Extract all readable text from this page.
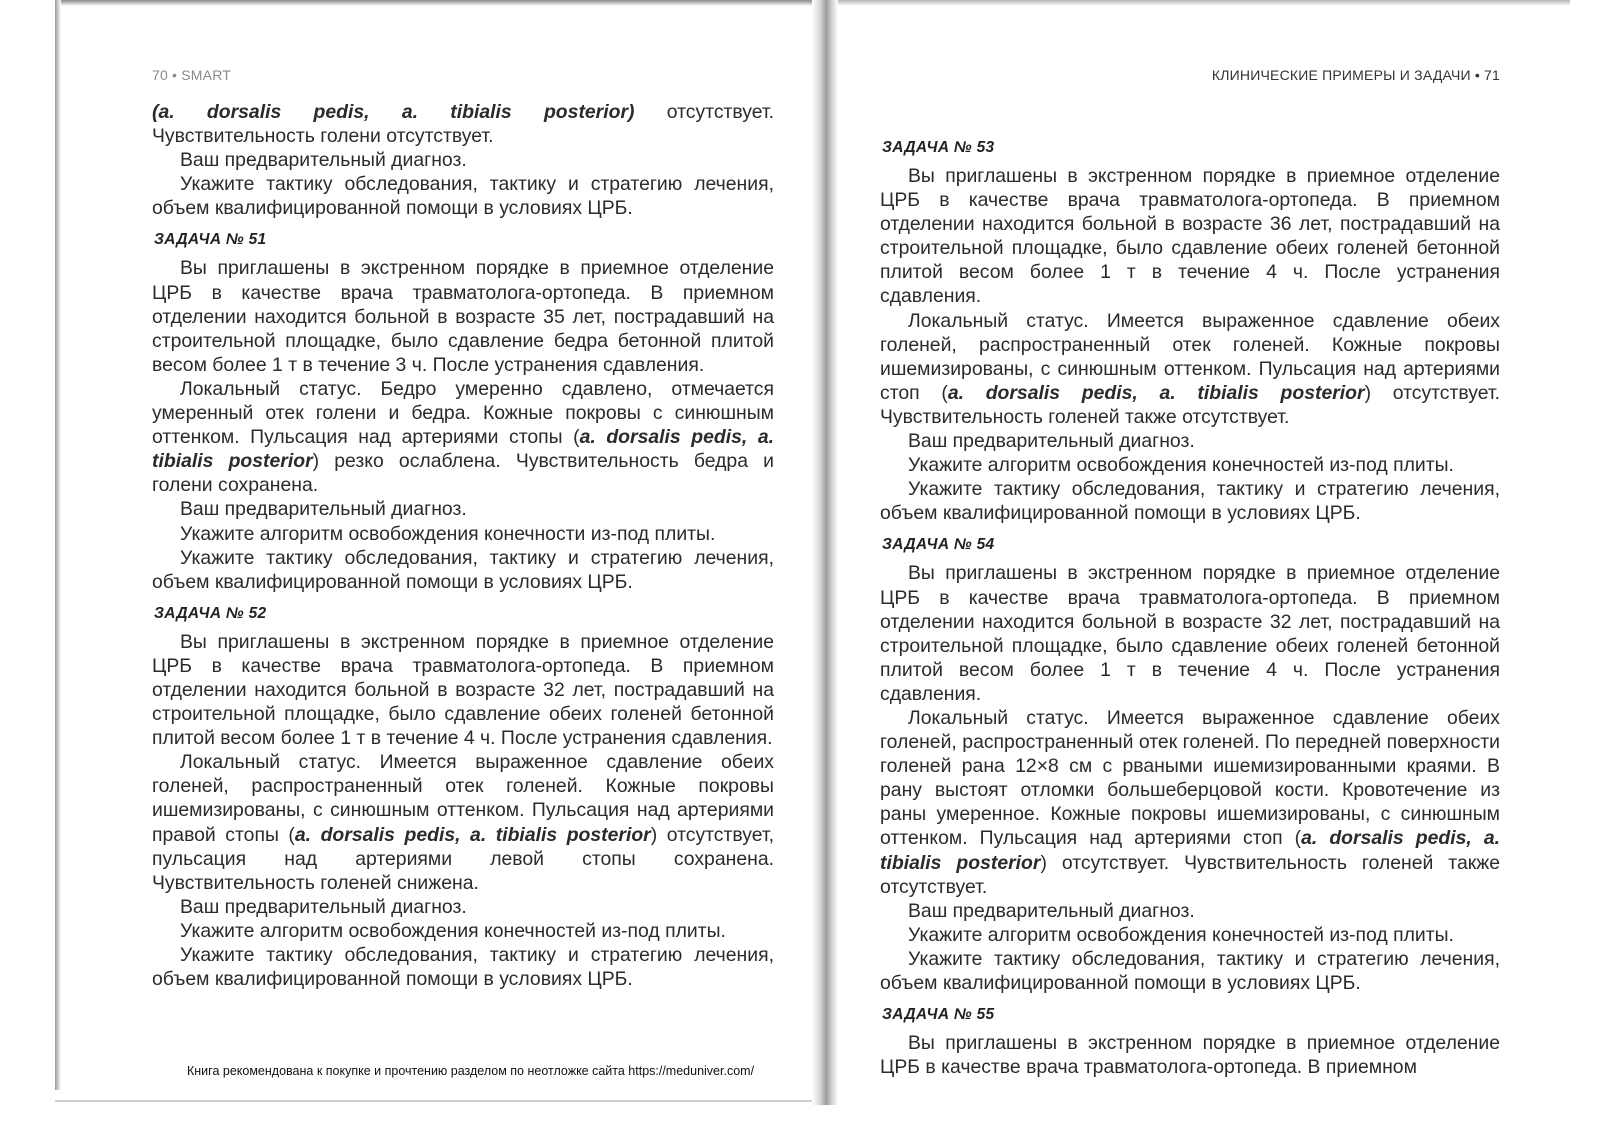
70 • SMART

(a. dorsalis pedis, a. tibialis posterior) отсутствует. Чувствительность голени отсутствует.

Ваш предварительный диагноз.

Укажите тактику обследования, тактику и стратегию лечения, объем квалифицированной помощи в условиях ЦРБ.

ЗАДАЧА № 51

Вы приглашены в экстренном порядке в приемное отделение ЦРБ в качестве врача травматолога-ортопеда. В приемном отделении находится больной в возрасте 35 лет, пострадавший на строительной площадке, было сдавление бедра бетонной плитой весом более 1 т в течение 3 ч. После устранения сдавления.

Локальный статус. Бедро умеренно сдавлено, отмечается умеренный отек голени и бедра. Кожные покровы с синюшным оттенком. Пульсация над артериями стопы (a. dorsalis pedis, a. tibialis posterior) резко ослаблена. Чувствительность бедра и голени сохранена.

Ваш предварительный диагноз.

Укажите алгоритм освобождения конечности из-под плиты.

Укажите тактику обследования, тактику и стратегию лечения, объем квалифицированной помощи в условиях ЦРБ.

ЗАДАЧА № 52

Вы приглашены в экстренном порядке в приемное отделение ЦРБ в качестве врача травматолога-ортопеда. В приемном отделении находится больной в возрасте 32 лет, пострадавший на строительной площадке, было сдавление обеих голеней бетонной плитой весом более 1 т в течение 4 ч. После устранения сдавления.

Локальный статус. Имеется выраженное сдавление обеих голеней, распространенный отек голеней. Кожные покровы ишемизированы, с синюшным оттенком. Пульсация над артериями правой стопы (a. dorsalis pedis, a. tibialis posterior) отсутствует, пульсация над артериями левой стопы сохранена. Чувствительность голеней снижена.

Ваш предварительный диагноз.

Укажите алгоритм освобождения конечностей из-под плиты.

Укажите тактику обследования, тактику и стратегию лечения, объем квалифицированной помощи в условиях ЦРБ.

КЛИНИЧЕСКИЕ ПРИМЕРЫ И ЗАДАЧИ • 71
ЗАДАЧА № 53

Вы приглашены в экстренном порядке в приемное отделение ЦРБ в качестве врача травматолога-ортопеда. В приемном отделении находится больной в возрасте 36 лет, пострадавший на строительной площадке, было сдавление обеих голеней бетонной плитой весом более 1 т в течение 4 ч. После устранения сдавления.

Локальный статус. Имеется выраженное сдавление обеих голеней, распространенный отек голеней. Кожные покровы ишемизированы, с синюшным оттенком. Пульсация над артериями стоп (a. dorsalis pedis, a. tibialis posterior) отсутствует. Чувствительность голеней также отсутствует.

Ваш предварительный диагноз.

Укажите алгоритм освобождения конечностей из-под плиты.

Укажите тактику обследования, тактику и стратегию лечения, объем квалифицированной помощи в условиях ЦРБ.

ЗАДАЧА № 54

Вы приглашены в экстренном порядке в приемное отделение ЦРБ в качестве врача травматолога-ортопеда. В приемном отделении находится больной в возрасте 32 лет, пострадавший на строительной площадке, было сдавление обеих голеней бетонной плитой весом более 1 т в течение 4 ч. После устранения сдавления.

Локальный статус. Имеется выраженное сдавление обеих голеней, распространенный отек голеней. По передней поверхности голеней рана 12×8 см с рваными ишемизированными краями. В рану выстоят отломки большеберцовой кости. Кровотечение из раны умеренное. Кожные покровы ишемизированы, с синюшным оттенком. Пульсация над артериями стоп (a. dorsalis pedis, a. tibialis posterior) отсутствует. Чувствительность голеней также отсутствует.

Ваш предварительный диагноз.

Укажите алгоритм освобождения конечностей из-под плиты.

Укажите тактику обследования, тактику и стратегию лечения, объем квалифицированной помощи в условиях ЦРБ.

ЗАДАЧА № 55

Вы приглашены в экстренном порядке в приемное отделение ЦРБ в качестве врача травматолога-ортопеда. В приемном

Книга рекомендована к покупке и прочтению разделом по неотложке сайта https://meduniver.com/
